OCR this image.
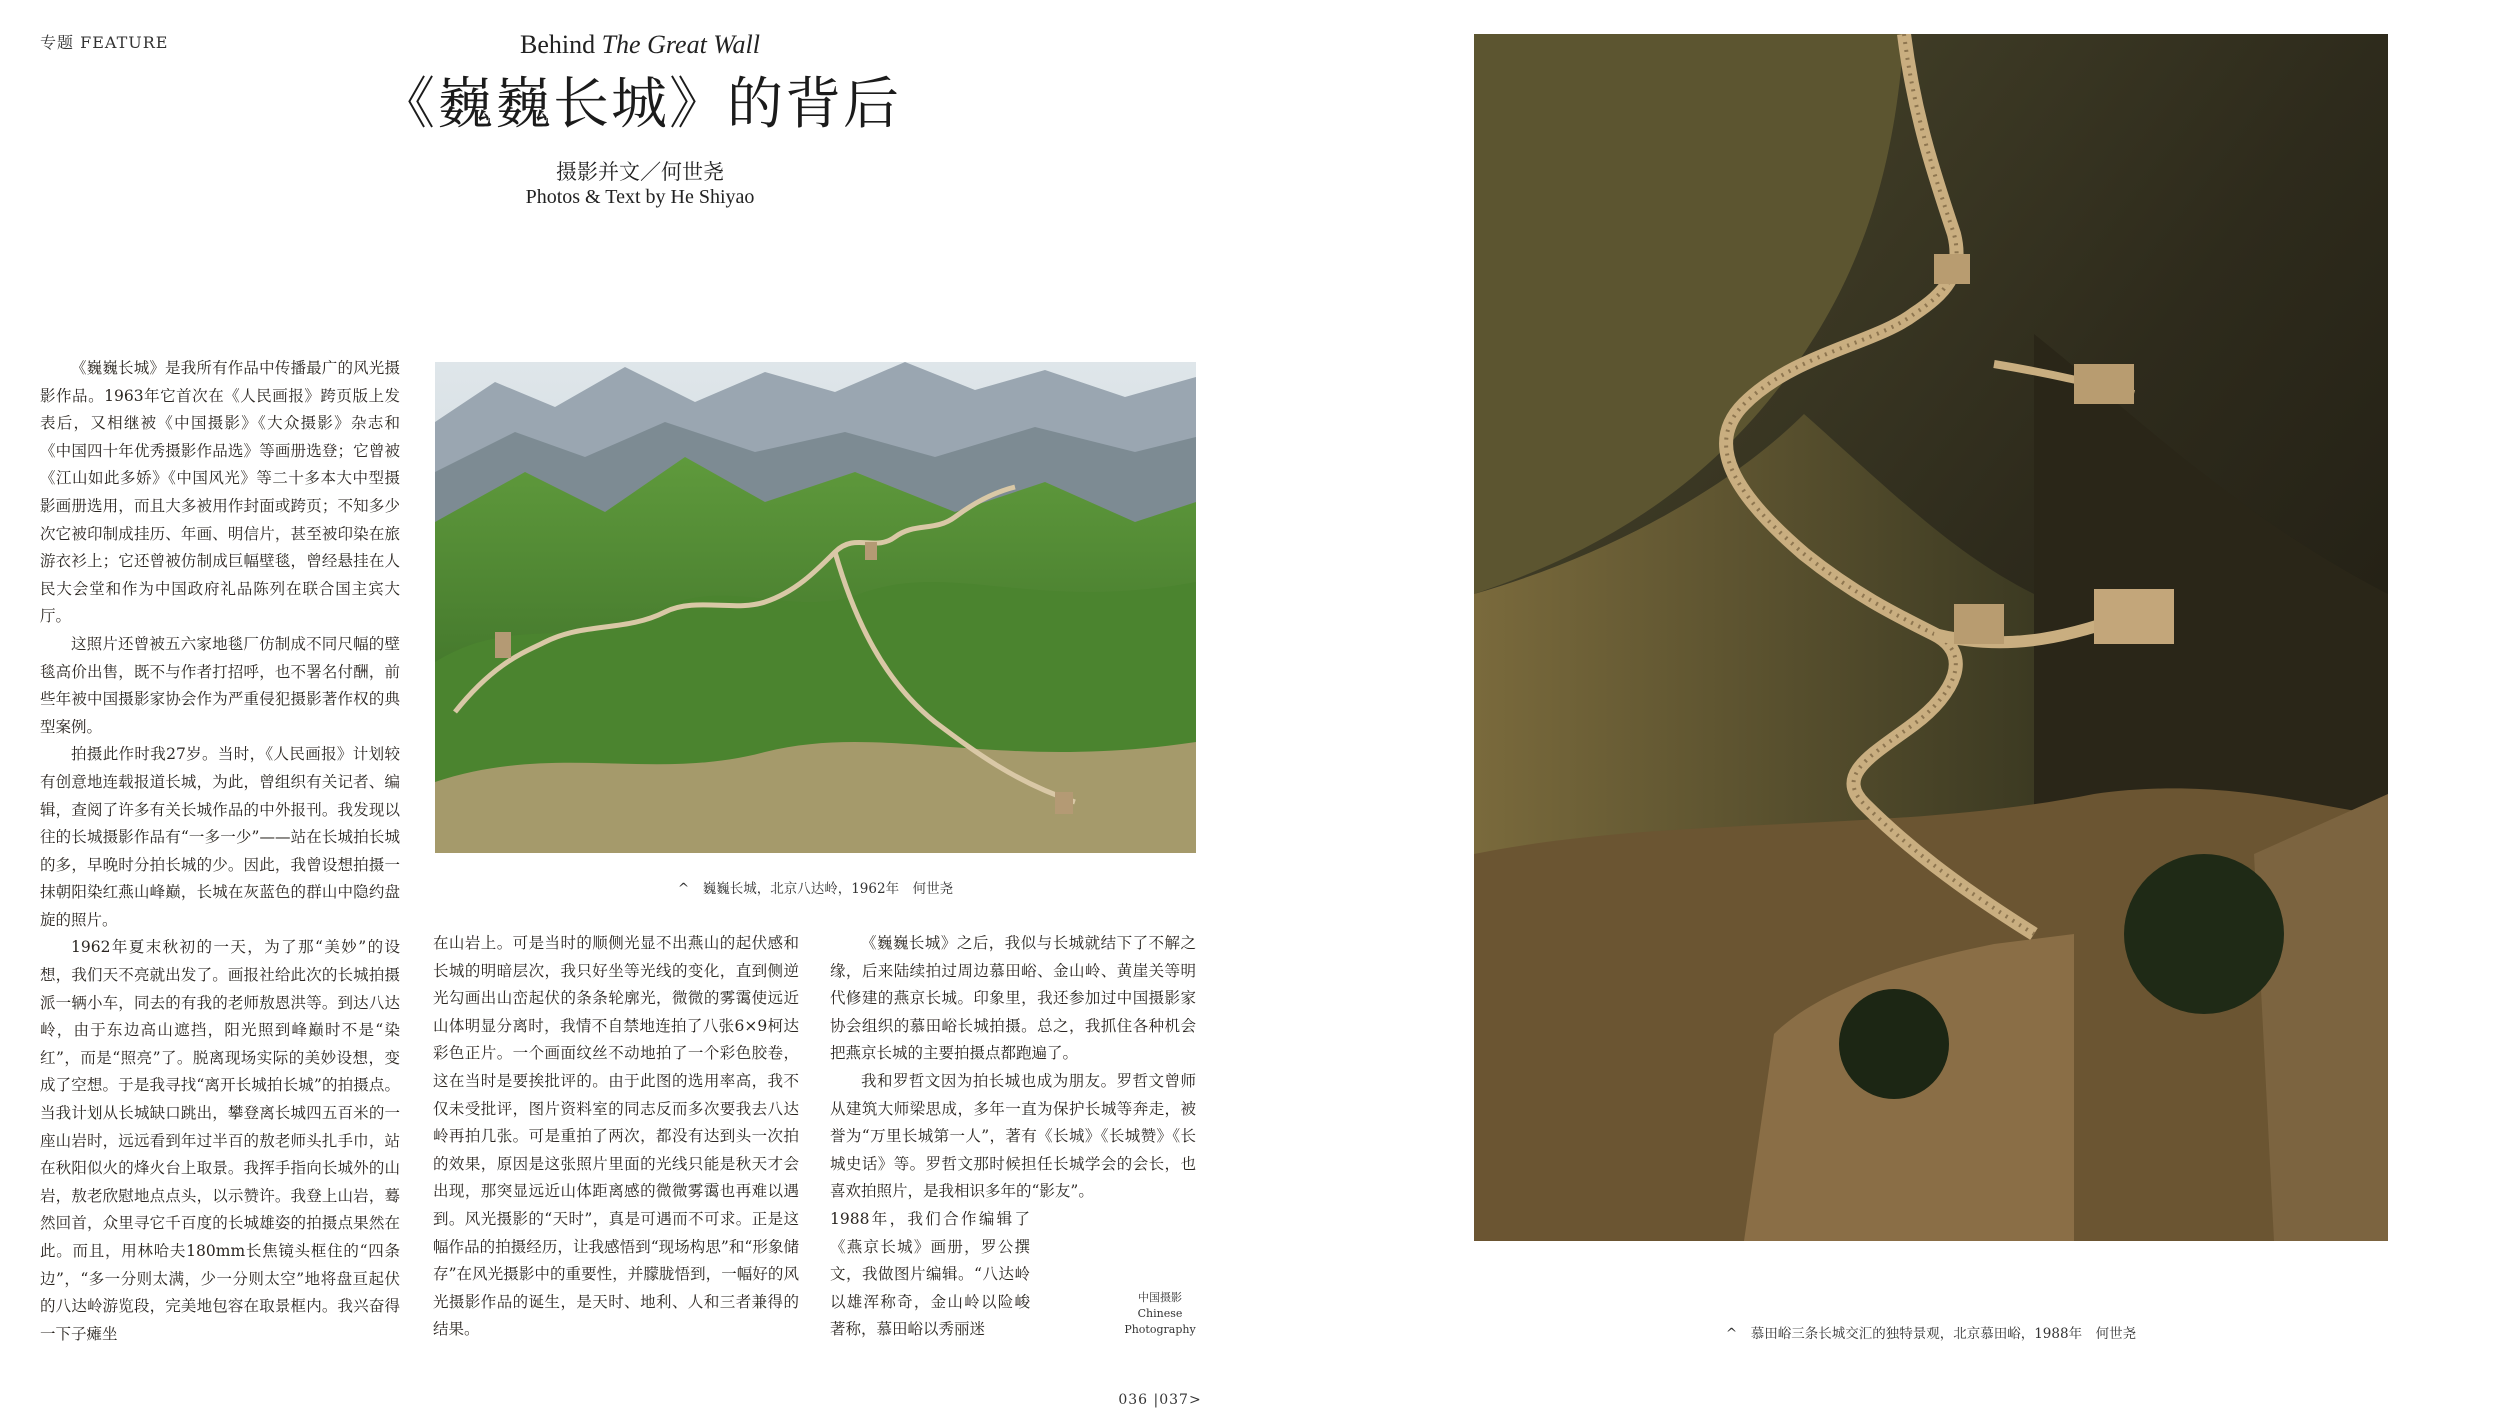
专题 FEATURE	Behind The Great Wall
《巍巍长城》的背后
摄影并文／何世尧
Photos & Text by He Shiyao

《巍巍长城》是我所有作品中传播最广的风光摄影作品。1963年它首次在《人民画报》跨页版上发表后，又相继被《中国摄影》《大众摄影》杂志和《中国四十年优秀摄影作品选》等画册选登；它曾被《江山如此多娇》《中国风光》等二十多本大中型摄影画册选用，而且大多被用作封面或跨页；不知多少次它被印制成挂历、年画、明信片，甚至被印染在旅游衣衫上；它还曾被仿制成巨幅壁毯，曾经悬挂在人民大会堂和作为中国政府礼品陈列在联合国主宾大厅。

这照片还曾被五六家地毯厂仿制成不同尺幅的壁毯高价出售，既不与作者打招呼，也不署名付酬，前些年被中国摄影家协会作为严重侵犯摄影著作权的典型案例。

拍摄此作时我27岁。当时，《人民画报》计划较有创意地连载报道长城，为此，曾组织有关记者、编辑，查阅了许多有关长城作品的中外报刊。我发现以往的长城摄影作品有“一多一少”——站在长城拍长城的多，早晚时分拍长城的少。因此，我曾设想拍摄一抹朝阳染红燕山峰巅，长城在灰蓝色的群山中隐约盘旋的照片。

1962年夏末秋初的一天，为了那“美妙”的设想，我们天不亮就出发了。画报社给此次的长城拍摄派一辆小车，同去的有我的老师敖恩洪等。到达八达岭，由于东边高山遮挡，阳光照到峰巅时不是“染红”，而是“照亮”了。脱离现场实际的美妙设想，变成了空想。于是我寻找“离开长城拍长城”的拍摄点。当我计划从长城缺口跳出，攀登离长城四五百米的一座山岩时，远远看到年过半百的敖老师头扎手巾，站在秋阳似火的烽火台上取景。我挥手指向长城外的山岩，敖老欣慰地点点头，以示赞许。我登上山岩，蓦然回首，众里寻它千百度的长城雄姿的拍摄点果然在此。而且，用林哈夫180mm长焦镜头框住的“四条边”，“多一分则太满，少一分则太空”地将盘亘起伏的八达岭游览段，完美地包容在取景框内。我兴奋得一下子瘫坐

^　巍巍长城，北京八达岭，1962年　何世尧

在山岩上。可是当时的顺侧光显不出燕山的起伏感和长城的明暗层次，我只好坐等光线的变化，直到侧逆光勾画出山峦起伏的条条轮廓光，微微的雾霭使远近山体明显分离时，我情不自禁地连拍了八张6×9柯达彩色正片。一个画面纹丝不动地拍了一个彩色胶卷，这在当时是要挨批评的。由于此图的选用率高，我不仅未受批评，图片资料室的同志反而多次要我去八达岭再拍几张。可是重拍了两次，都没有达到头一次拍的效果，原因是这张照片里面的光线只能是秋天才会出现，那突显远近山体距离感的微微雾霭也再难以遇到。风光摄影的“天时”，真是可遇而不可求。正是这幅作品的拍摄经历，让我感悟到“现场构思”和“形象储存”在风光摄影中的重要性，并朦胧悟到，一幅好的风光摄影作品的诞生，是天时、地利、人和三者兼得的结果。

《巍巍长城》之后，我似与长城就结下了不解之缘，后来陆续拍过周边慕田峪、金山岭、黄崖关等明代修建的燕京长城。印象里，我还参加过中国摄影家协会组织的慕田峪长城拍摄。总之，我抓住各种机会把燕京长城的主要拍摄点都跑遍了。

我和罗哲文因为拍长城也成为朋友。罗哲文曾师从建筑大师梁思成，多年一直为保护长城等奔走，被誉为“万里长城第一人”，著有《长城》《长城赞》《长城史话》等。罗哲文那时候担任长城学会的会长，也喜欢拍照片，是我相识多年的“影友”。

1988年，我们合作编辑了《燕京长城》画册，罗公撰文，我做图片编辑。“八达岭以雄浑称奇，金山岭以险峻著称，慕田峪以秀丽迷

中国摄影
Chinese
Photography	^　慕田峪三条长城交汇的独特景观，北京慕田峪，1988年　何世尧
036 |037>
